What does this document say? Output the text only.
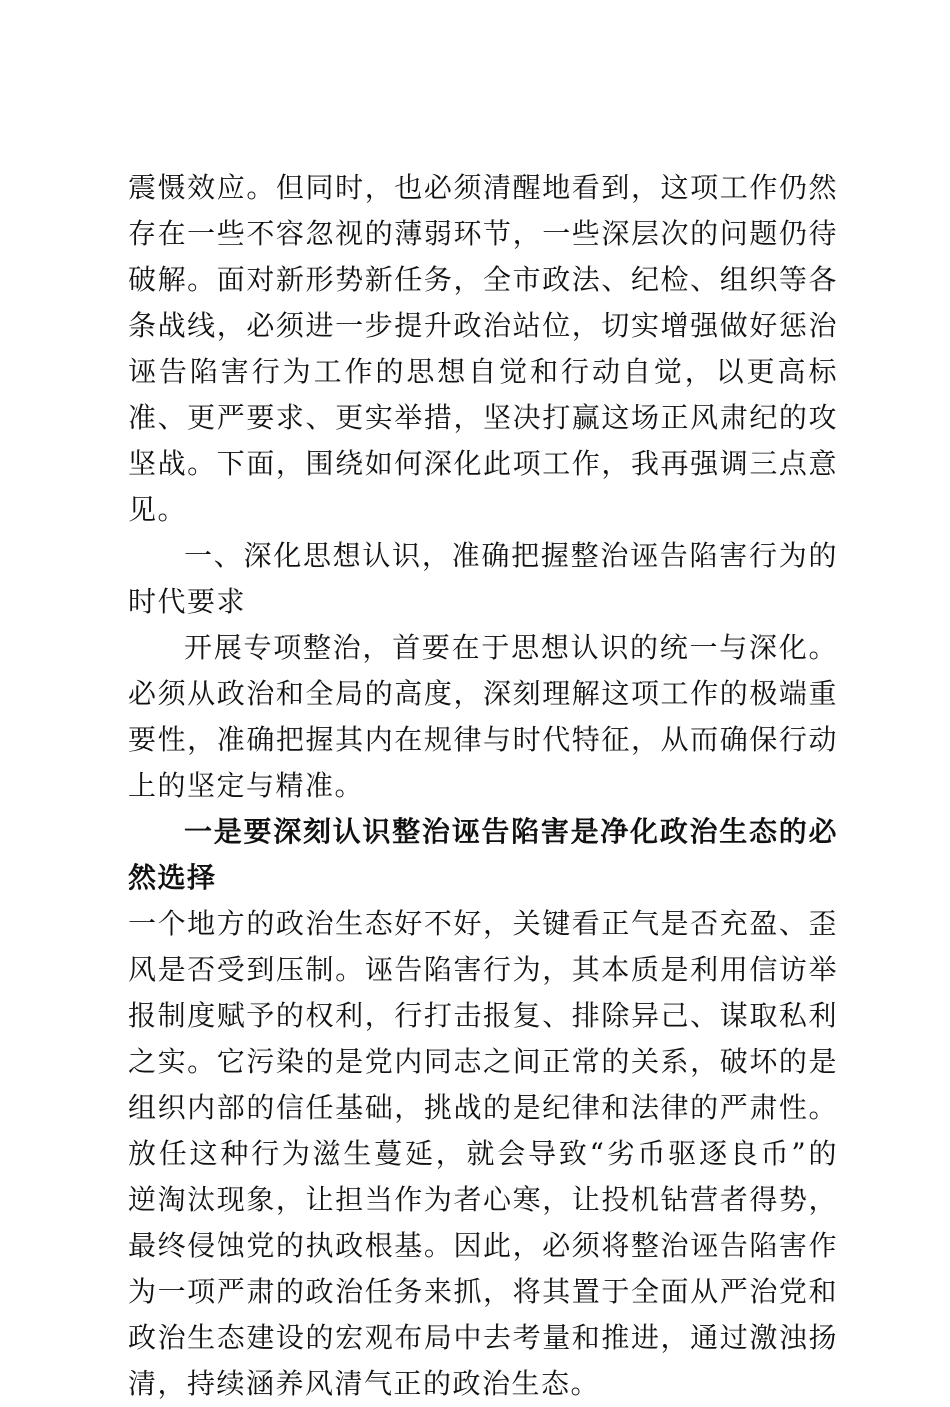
震慑效应。但同时，也必须清醒地看到，这项工作仍然存在一些不容忽视的薄弱环节，一些深层次的问题仍待破解。面对新形势新任务，全市政法、纪检、组织等各条战线，必须进一步提升政治站位，切实增强做好惩治诬告陷害行为工作的思想自觉和行动自觉，以更高标准、更严要求、更实举措，坚决打赢这场正风肃纪的攻坚战。下面，围绕如何深化此项工作，我再强调三点意见。

一、深化思想认识，准确把握整治诬告陷害行为的时代要求

开展专项整治，首要在于思想认识的统一与深化。必须从政治和全局的高度，深刻理解这项工作的极端重要性，准确把握其内在规律与时代特征，从而确保行动上的坚定与精准。

一是要深刻认识整治诬告陷害是净化政治生态的必然选择
一个地方的政治生态好不好，关键看正气是否充盈、歪风是否受到压制。诬告陷害行为，其本质是利用信访举报制度赋予的权利，行打击报复、排除异己、谋取私利之实。它污染的是党内同志之间正常的关系，破坏的是组织内部的信任基础，挑战的是纪律和法律的严肃性。放任这种行为滋生蔓延，就会导致“劣币驱逐良币”的逆淘汰现象，让担当作为者心寒，让投机钻营者得势，最终侵蚀党的执政根基。因此，必须将整治诬告陷害作为一项严肃的政治任务来抓，将其置于全面从严治党和政治生态建设的宏观布局中去考量和推进，通过激浊扬清，持续涵养风清气正的政治生态。
